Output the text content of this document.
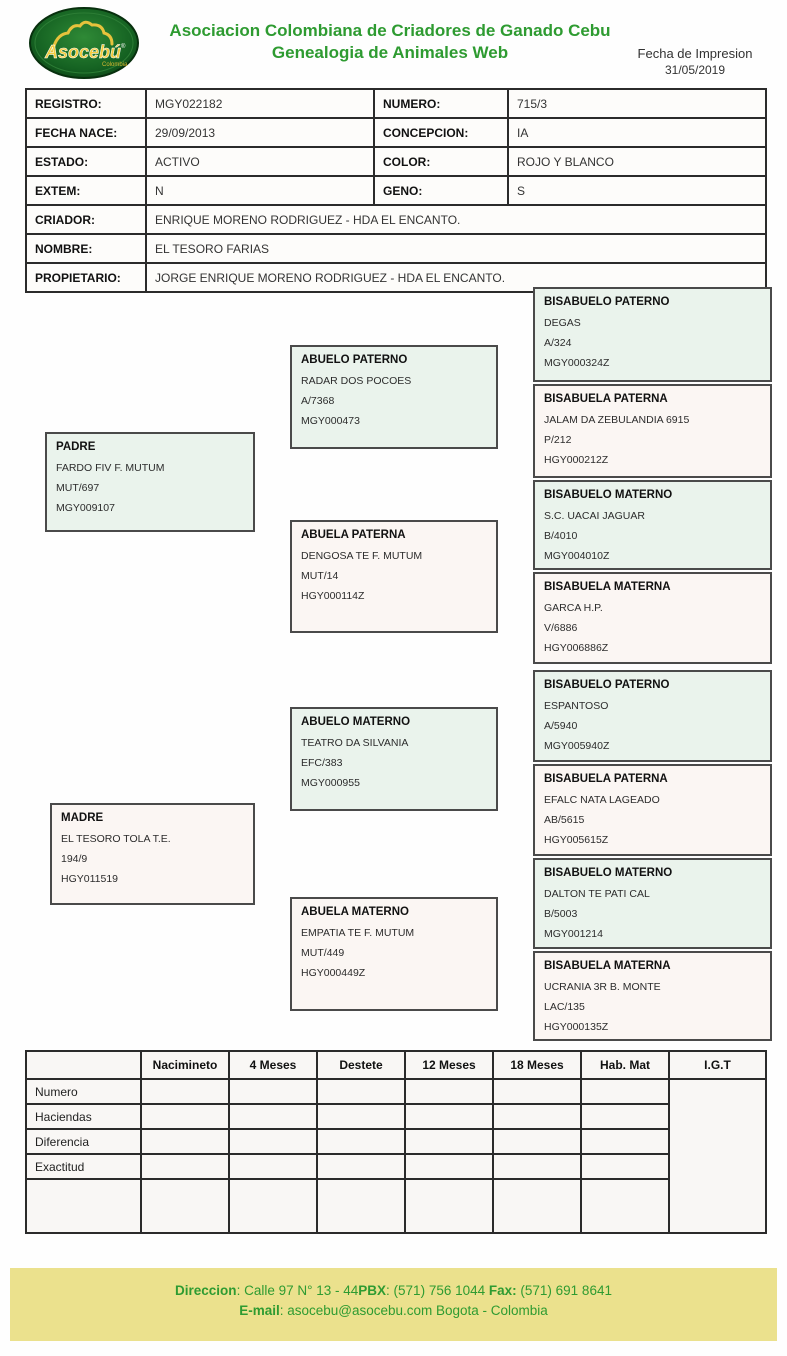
Asocebú ®
Colombia
Asociacion Colombiana de Criadores de Ganado Cebu
Genealogia de Animales Web	Fecha de Impresion
31/05/2019
REGISTRO:	MGY022182	NUMERO:	715/3
FECHA NACE:	29/09/2013	CONCEPCION:	IA
ESTADO:	ACTIVO	COLOR:	ROJO Y BLANCO
EXTEM:	N	GENO:	S
CRIADOR:	ENRIQUE MORENO RODRIGUEZ - HDA EL ENCANTO.		
NOMBRE:	EL TESORO FARIAS		
PROPIETARIO:	JORGE ENRIQUE MORENO RODRIGUEZ - HDA EL ENCANTO.		
PADRE
FARDO FIV F. MUTUM
MUT/697
MGY009107
MADRE
EL TESORO TOLA T.E.
194/9
HGY011519
ABUELO PATERNO
RADAR DOS POCOES
A/7368
MGY000473
ABUELA PATERNA
DENGOSA TE F. MUTUM
MUT/14
HGY000114Z
ABUELO MATERNO
TEATRO DA SILVANIA
EFC/383
MGY000955
ABUELA MATERNO
EMPATIA TE F. MUTUM
MUT/449
HGY000449Z
BISABUELO PATERNO
DEGAS
A/324
MGY000324Z
BISABUELA PATERNA
JALAM DA ZEBULANDIA 6915
P/212
HGY000212Z
BISABUELO MATERNO
S.C. UACAI JAGUAR
B/4010
MGY004010Z
BISABUELA MATERNA
GARCA H.P.
V/6886
HGY006886Z
BISABUELO PATERNO
ESPANTOSO
A/5940
MGY005940Z
BISABUELA PATERNA
EFALC NATA LAGEADO
AB/5615
HGY005615Z
BISABUELO MATERNO
DALTON TE PATI CAL
B/5003
MGY001214
BISABUELA MATERNA
UCRANIA 3R B. MONTE
LAC/135
HGY000135Z
	Nacimineto	4 Meses	Destete	12 Meses	18 Meses	Hab. Mat	I.G.T
Numero							
Haciendas							
Diferencia							
Exactitud							

Direccion: Calle 97 N° 13 - 44PBX: (571) 756 1044 Fax: (571) 691 8641
E-mail: asocebu@asocebu.com Bogota - Colombia
